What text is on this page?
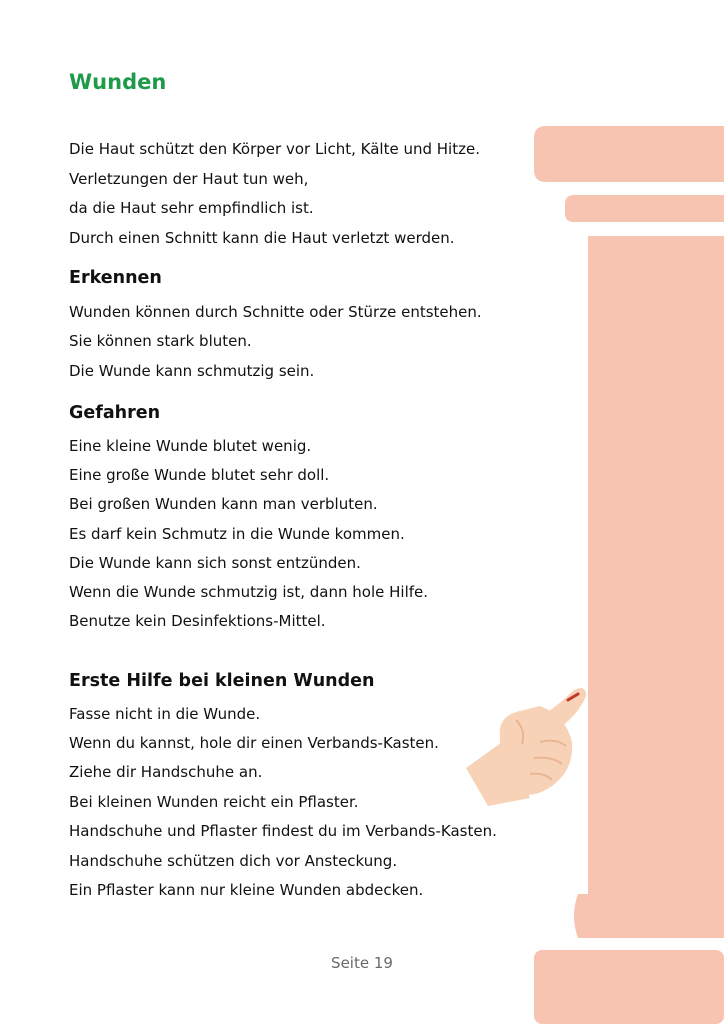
Wunden

Die Haut schützt den Körper vor Licht, Kälte und Hitze.

Verletzungen der Haut tun weh,

da die Haut sehr empfindlich ist.

Durch einen Schnitt kann die Haut verletzt werden.

Erkennen

Wunden können durch Schnitte oder Stürze entstehen.

Sie können stark bluten.

Die Wunde kann schmutzig sein.

Gefahren

Eine kleine Wunde blutet wenig.

Eine große Wunde blutet sehr doll.

Bei großen Wunden kann man verbluten.

Es darf kein Schmutz in die Wunde kommen.

Die Wunde kann sich sonst entzünden.

Wenn die Wunde schmutzig ist, dann hole Hilfe.

Benutze kein Desinfektions-Mittel.

Erste Hilfe bei kleinen Wunden

Fasse nicht in die Wunde.

Wenn du kannst, hole dir einen Verbands-Kasten.

Ziehe dir Handschuhe an.

Bei kleinen Wunden reicht ein Pflaster.

Handschuhe und Pflaster findest du im Verbands-Kasten.

Handschuhe schützen dich vor Ansteckung.

Ein Pflaster kann nur kleine Wunden abdecken.

Seite 19
